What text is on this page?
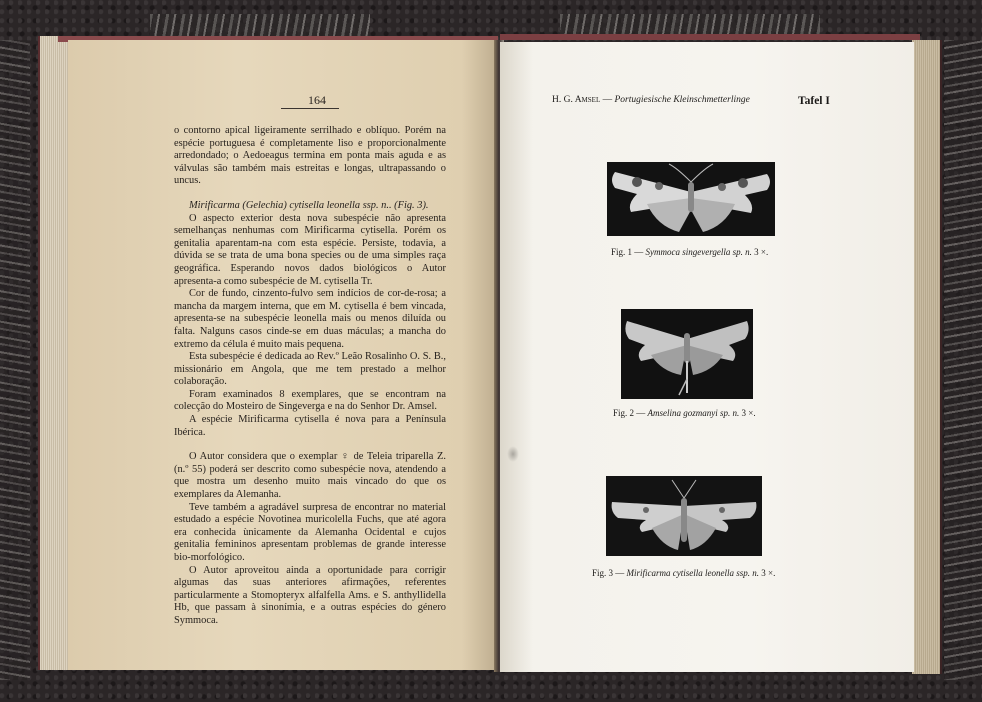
164

o contorno apical ligeiramente serrilhado e oblíquo. Porém na espécie portuguesa é completamente liso e proporcionalmente arredondado; o Aedoeagus termina em ponta mais aguda e as válvulas são também mais estreitas e longas, ultrapassando o uncus.

Mirificarma (Gelechia) cytisella leonella ssp. n.. (Fig. 3).

O aspecto exterior desta nova subespécie não apresenta semelhanças nenhumas com Mirificarma cytisella. Porém os genitalia aparentam-na com esta espécie. Persiste, todavia, a dúvida se se trata de uma bona species ou de uma simples raça geográfica. Esperando novos dados biológicos o Autor apresenta-a como subespécie de M. cytisella Tr.

Cor de fundo, cinzento-fulvo sem indícios de cor-de-rosa; a mancha da margem interna, que em M. cytisella é bem vincada, apresenta-se na subespécie leonella mais ou menos diluída ou falta. Nalguns casos cinde-se em duas máculas; a mancha do extremo da célula é muito mais pequena.

Esta subespécie é dedicada ao Rev.º Leão Rosalinho O. S. B., missionário em Angola, que me tem prestado a melhor colaboração.

Foram examinados 8 exemplares, que se encontram na colecção do Mosteiro de Singeverga e na do Senhor Dr. Amsel.

A espécie Mirificarma cytisella é nova para a Península Ibérica.

O Autor considera que o exemplar ♀ de Teleia triparella Z. (n.º 55) poderá ser descrito como subespécie nova, atendendo a que mostra um desenho muito mais vincado do que os exemplares da Alemanha.

Teve também a agradável surpresa de encontrar no material estudado a espécie Novotinea muricolella Fuchs, que até agora era conhecida ùnicamente da Alemanha Ocidental e cujos genitalia femininos apresentam problemas de grande interesse bio-morfológico.

O Autor aproveitou ainda a oportunidade para corrigir algumas das suas anteriores afirmações, referentes particularmente a Stomopteryx alfalfella Ams. e S. anthyllidella Hb, que passam à sinonímia, e a outras espécies do género Symmoca.

H. G. Amsel — Portugiesische Kleinschmetterlinge	Tafel I
Fig. 1 — Symmoca singevergella sp. n. 3 ×.
Fig. 2 — Amselina gozmanyi sp. n. 3 ×.
Fig. 3 — Mirificarma cytisella leonella ssp. n. 3 ×.
